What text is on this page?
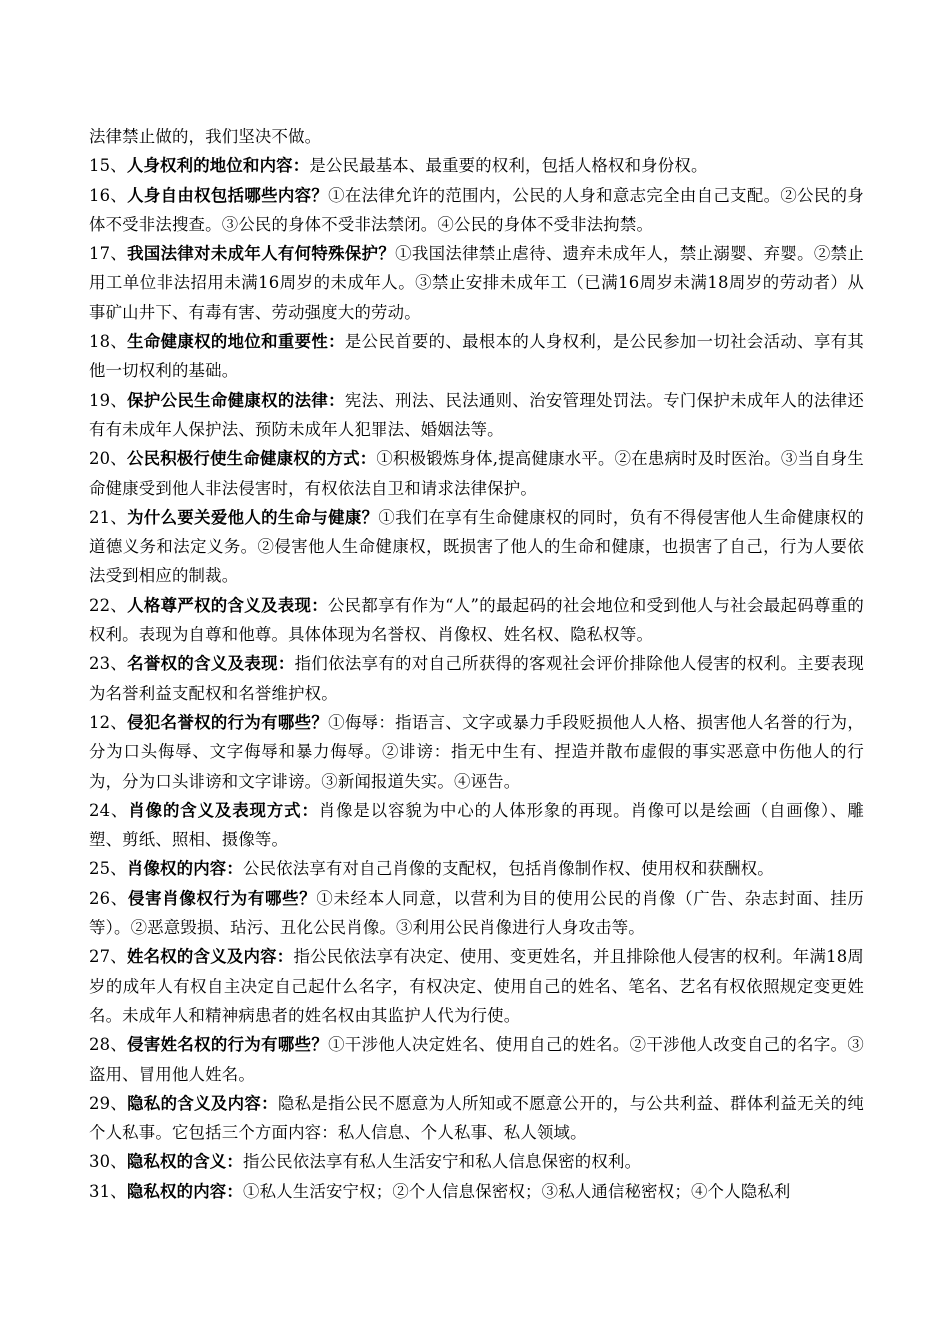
法律禁止做的，我们坚决不做。

15、人身权利的地位和内容：是公民最基本、最重要的权利，包括人格权和身份权。

16、人身自由权包括哪些内容？①在法律允许的范围内，公民的人身和意志完全由自己支配。②公民的身体不受非法搜查。③公民的身体不受非法禁闭。④公民的身体不受非法拘禁。

17、我国法律对未成年人有何特殊保护？①我国法律禁止虐待、遗弃未成年人，禁止溺婴、弃婴。②禁止用工单位非法招用未满16周岁的未成年人。③禁止安排未成年工（已满16周岁未满18周岁的劳动者）从事矿山井下、有毒有害、劳动强度大的劳动。

18、生命健康权的地位和重要性：是公民首要的、最根本的人身权利，是公民参加一切社会活动、享有其他一切权利的基础。

19、保护公民生命健康权的法律：宪法、刑法、民法通则、治安管理处罚法。专门保护未成年人的法律还有有未成年人保护法、预防未成年人犯罪法、婚姻法等。

20、公民积极行使生命健康权的方式：①积极锻炼身体,提高健康水平。②在患病时及时医治。③当自身生命健康受到他人非法侵害时，有权依法自卫和请求法律保护。

21、为什么要关爱他人的生命与健康？①我们在享有生命健康权的同时，负有不得侵害他人生命健康权的道德义务和法定义务。②侵害他人生命健康权，既损害了他人的生命和健康，也损害了自己，行为人要依法受到相应的制裁。

22、人格尊严权的含义及表现：公民都享有作为“人”的最起码的社会地位和受到他人与社会最起码尊重的权利。表现为自尊和他尊。具体体现为名誉权、肖像权、姓名权、隐私权等。

23、名誉权的含义及表现：指们依法享有的对自己所获得的客观社会评价排除他人侵害的权利。主要表现为名誉利益支配权和名誉维护权。

12、侵犯名誉权的行为有哪些？①侮辱：指语言、文字或暴力手段贬损他人人格、损害他人名誉的行为，分为口头侮辱、文字侮辱和暴力侮辱。②诽谤：指无中生有、捏造并散布虚假的事实恶意中伤他人的行为，分为口头诽谤和文字诽谤。③新闻报道失实。④诬告。

24、肖像的含义及表现方式：肖像是以容貌为中心的人体形象的再现。肖像可以是绘画（自画像）、雕塑、剪纸、照相、摄像等。

25、肖像权的内容：公民依法享有对自己肖像的支配权，包括肖像制作权、使用权和获酬权。

26、侵害肖像权行为有哪些？①未经本人同意，以营利为目的使用公民的肖像（广告、杂志封面、挂历等）。②恶意毁损、玷污、丑化公民肖像。③利用公民肖像进行人身攻击等。

27、姓名权的含义及内容：指公民依法享有决定、使用、变更姓名，并且排除他人侵害的权利。年满18周岁的成年人有权自主决定自己起什么名字，有权决定、使用自己的姓名、笔名、艺名有权依照规定变更姓名。未成年人和精神病患者的姓名权由其监护人代为行使。

28、侵害姓名权的行为有哪些？①干涉他人决定姓名、使用自己的姓名。②干涉他人改变自己的名字。③盗用、冒用他人姓名。

29、隐私的含义及内容：隐私是指公民不愿意为人所知或不愿意公开的，与公共利益、群体利益无关的纯个人私事。它包括三个方面内容：私人信息、个人私事、私人领域。

30、隐私权的含义：指公民依法享有私人生活安宁和私人信息保密的权利。

31、隐私权的内容：①私人生活安宁权；②个人信息保密权；③私人通信秘密权；④个人隐私利
